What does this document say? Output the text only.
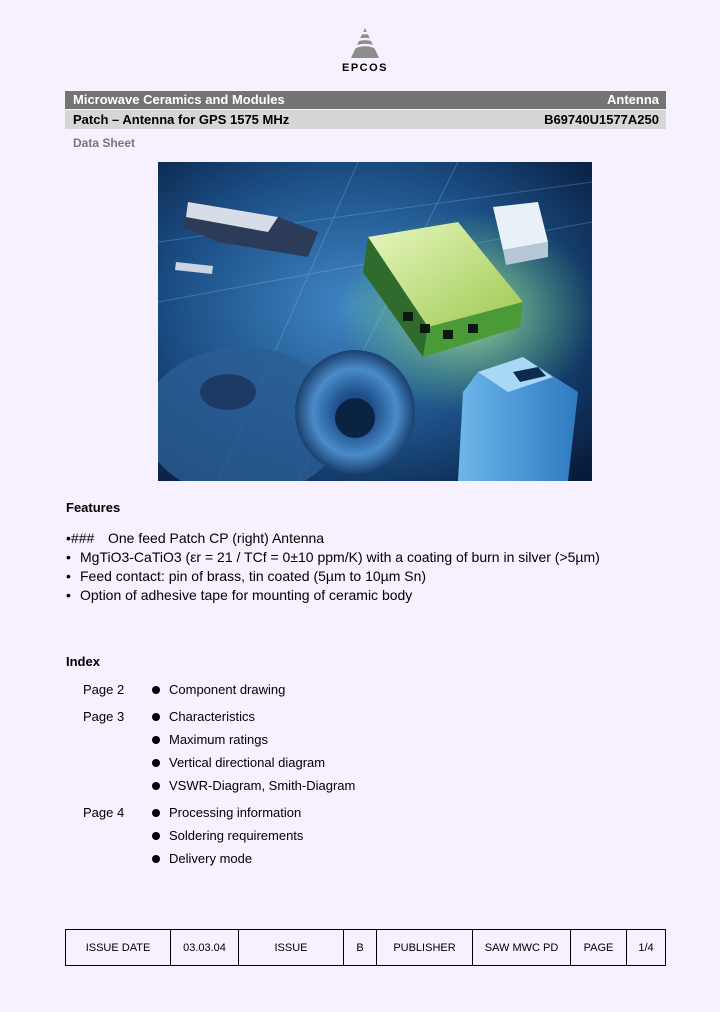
EPCOS
Microwave Ceramics and Modules	Antenna
Patch – Antenna for GPS 1575 MHz	B69740U1577A250
Data Sheet
Features
•### One feed Patch CP (right) Antenna
• MgTiO3-CaTiO3 (εr = 21 / TCf = 0±10 ppm/K) with a coating of burn in silver (>5µm)
• Feed contact: pin of brass, tin coated (5µm to 10µm Sn)
• Option of adhesive tape for mounting of ceramic body
Index
Page 2	Component drawing
Page 3	Characteristics
Maximum ratings
Vertical directional diagram
VSWR-Diagram, Smith-Diagram
Page 4	Processing information
Soldering requirements
Delivery mode
ISSUE DATE	03.03.04	ISSUE	B	PUBLISHER	SAW MWC PD	PAGE	1/4
